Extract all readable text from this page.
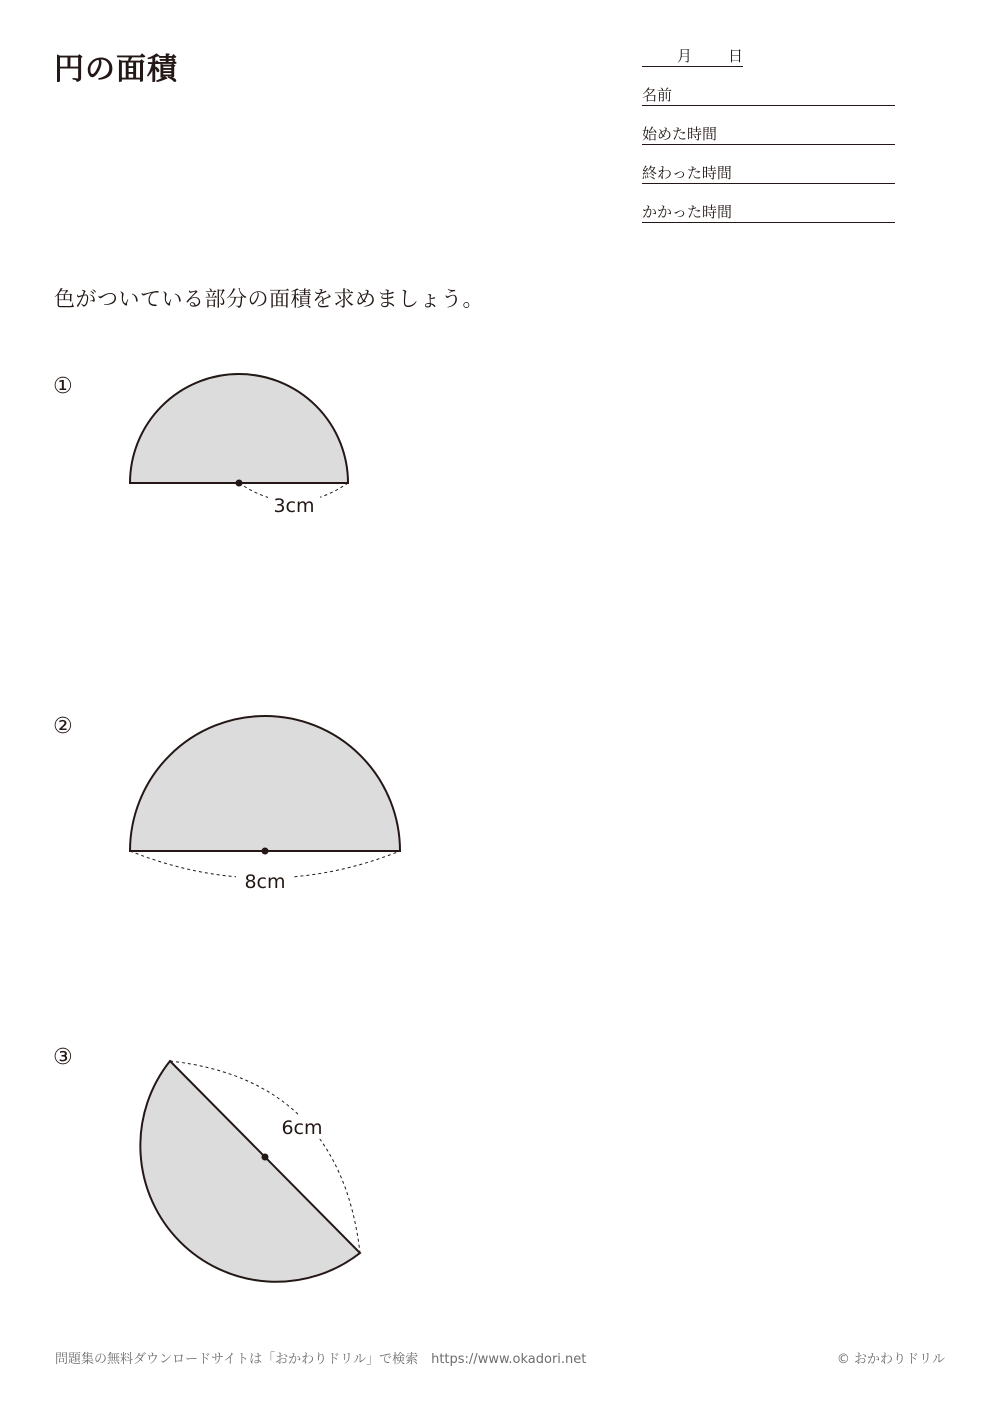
円の面積	月 日
名前
始めた時間
終わった時間
かかった時間
色がついている部分の面積を求めましょう。
①
②
③
3cm
8cm
6cm
問題集の無料ダウンロードサイトは「おかわりドリル」で検索　https://www.okadori.net	© おかわりドリル
